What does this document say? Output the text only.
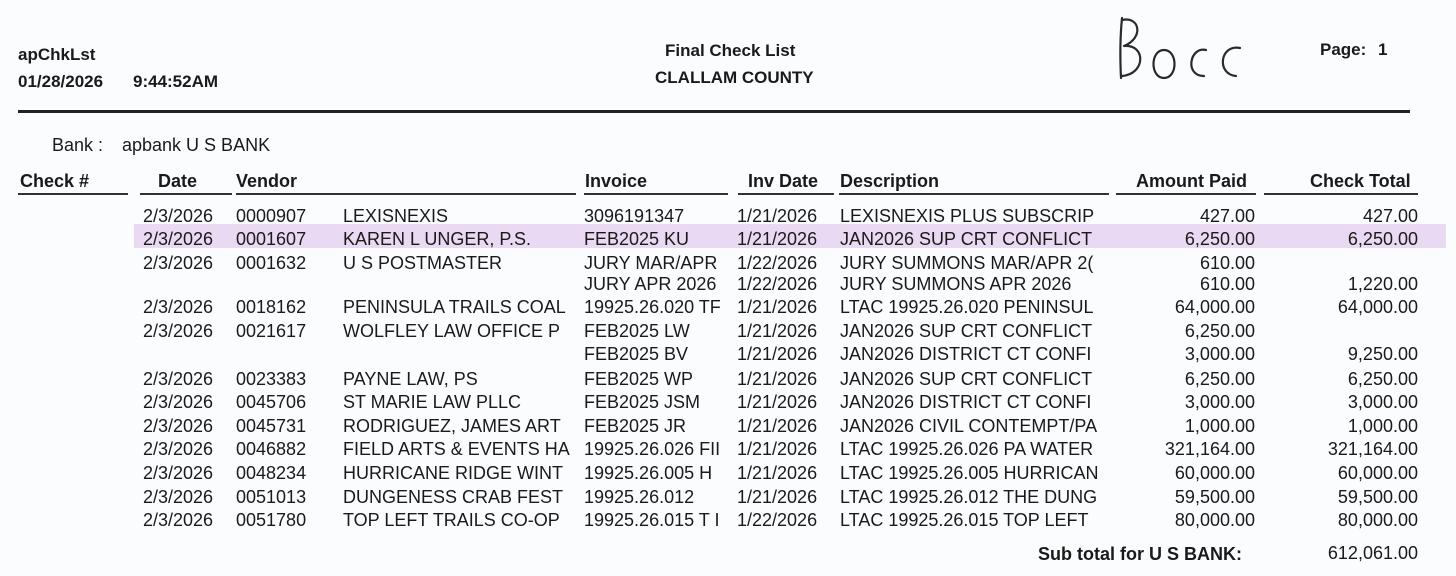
apChkLst
01/28/2026 9:44:52AM
Final Check List
CLALLAM COUNTY
Page: 1
Bank : apbank U S BANK
Check #	Date Vendor	Invoice	Inv Date Description	Amount Paid	Check Total
2/3/2026	0000907	LEXISNEXIS	3096191347	1/21/2026	LEXISNEXIS PLUS SUBSCRIP	427.00	427.00
2/3/2026	0001607	KAREN L UNGER, P.S.	FEB2025 KU	1/21/2026	JAN2026 SUP CRT CONFLICT	6,250.00	6,250.00
2/3/2026	0001632	U S POSTMASTER	JURY MAR/APR	1/22/2026	JURY SUMMONS MAR/APR 2(	610.00
JURY APR 2026	1/22/2026	JURY SUMMONS APR 2026	610.00	1,220.00
2/3/2026	0018162	PENINSULA TRAILS COAL	19925.26.020 TF 1/21/2026	LTAC 19925.26.020 PENINSUL	64,000.00	64,000.00
2/3/2026	0021617	WOLFLEY LAW OFFICE P	FEB2025 LW	1/21/2026	JAN2026 SUP CRT CONFLICT	6,250.00
FEB2025 BV	1/21/2026	JAN2026 DISTRICT CT CONFI	3,000.00	9,250.00
2/3/2026	0023383	PAYNE LAW, PS	FEB2025 WP	1/21/2026	JAN2026 SUP CRT CONFLICT	6,250.00	6,250.00
2/3/2026	0045706	ST MARIE LAW PLLC	FEB2025 JSM	1/21/2026	JAN2026 DISTRICT CT CONFI	3,000.00	3,000.00
2/3/2026	0045731	RODRIGUEZ, JAMES ART	FEB2025 JR	1/21/2026	JAN2026 CIVIL CONTEMPT/PA	1,000.00	1,000.00
2/3/2026	0046882	FIELD ARTS & EVENTS HA 19925.26.026 FII 1/21/2026	LTAC 19925.26.026 PA WATER	321,164.00	321,164.00
2/3/2026	0048234	HURRICANE RIDGE WINT	19925.26.005 H	1/21/2026	LTAC 19925.26.005 HURRICAN	60,000.00	60,000.00
2/3/2026	0051013	DUNGENESS CRAB FEST	19925.26.012	1/21/2026	LTAC 19925.26.012 THE DUNG	59,500.00	59,500.00
2/3/2026	0051780	TOP LEFT TRAILS CO-OP	19925.26.015 T I 1/22/2026	LTAC 19925.26.015 TOP LEFT	80,000.00	80,000.00
Sub total for U S BANK:	612,061.00
